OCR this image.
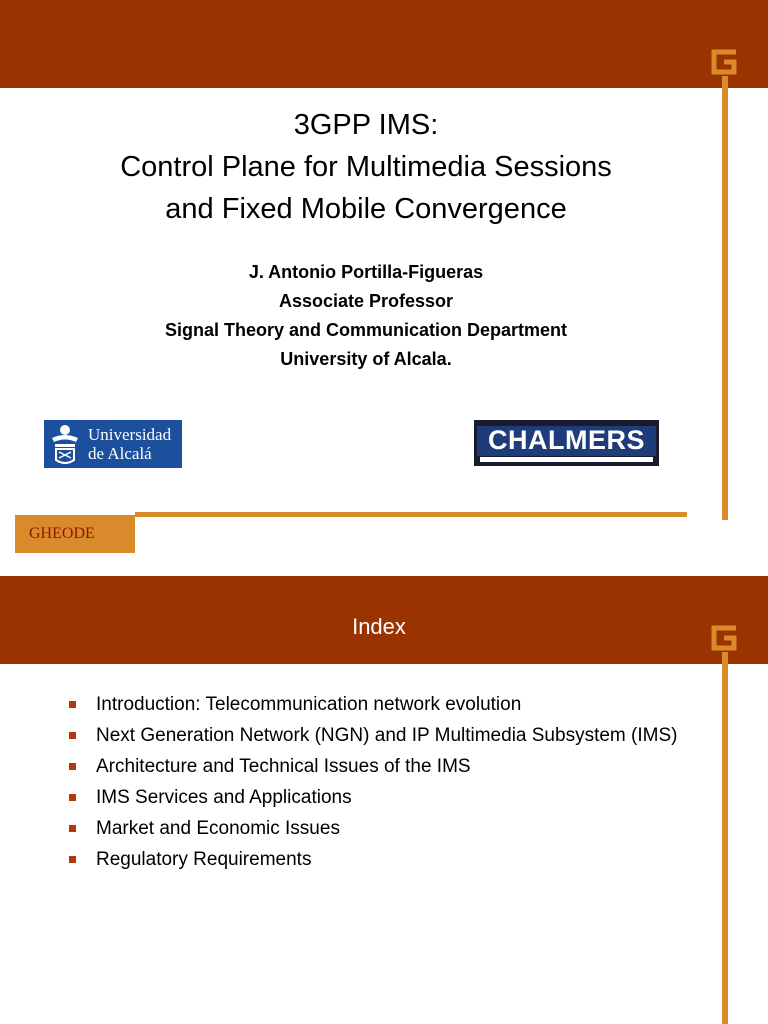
3GPP IMS:
Control Plane for Multimedia Sessions
and Fixed Mobile Convergence
J. Antonio Portilla-Figueras
Associate Professor
Signal Theory and Communication Department
University of Alcala.
Universidad
de Alcalá	CHALMERS
GHEODE
Index
Introduction: Telecommunication network evolution
Next Generation Network (NGN) and IP Multimedia Subsystem (IMS)
Architecture and Technical Issues of the IMS
IMS Services and Applications
Market and Economic Issues
Regulatory Requirements
